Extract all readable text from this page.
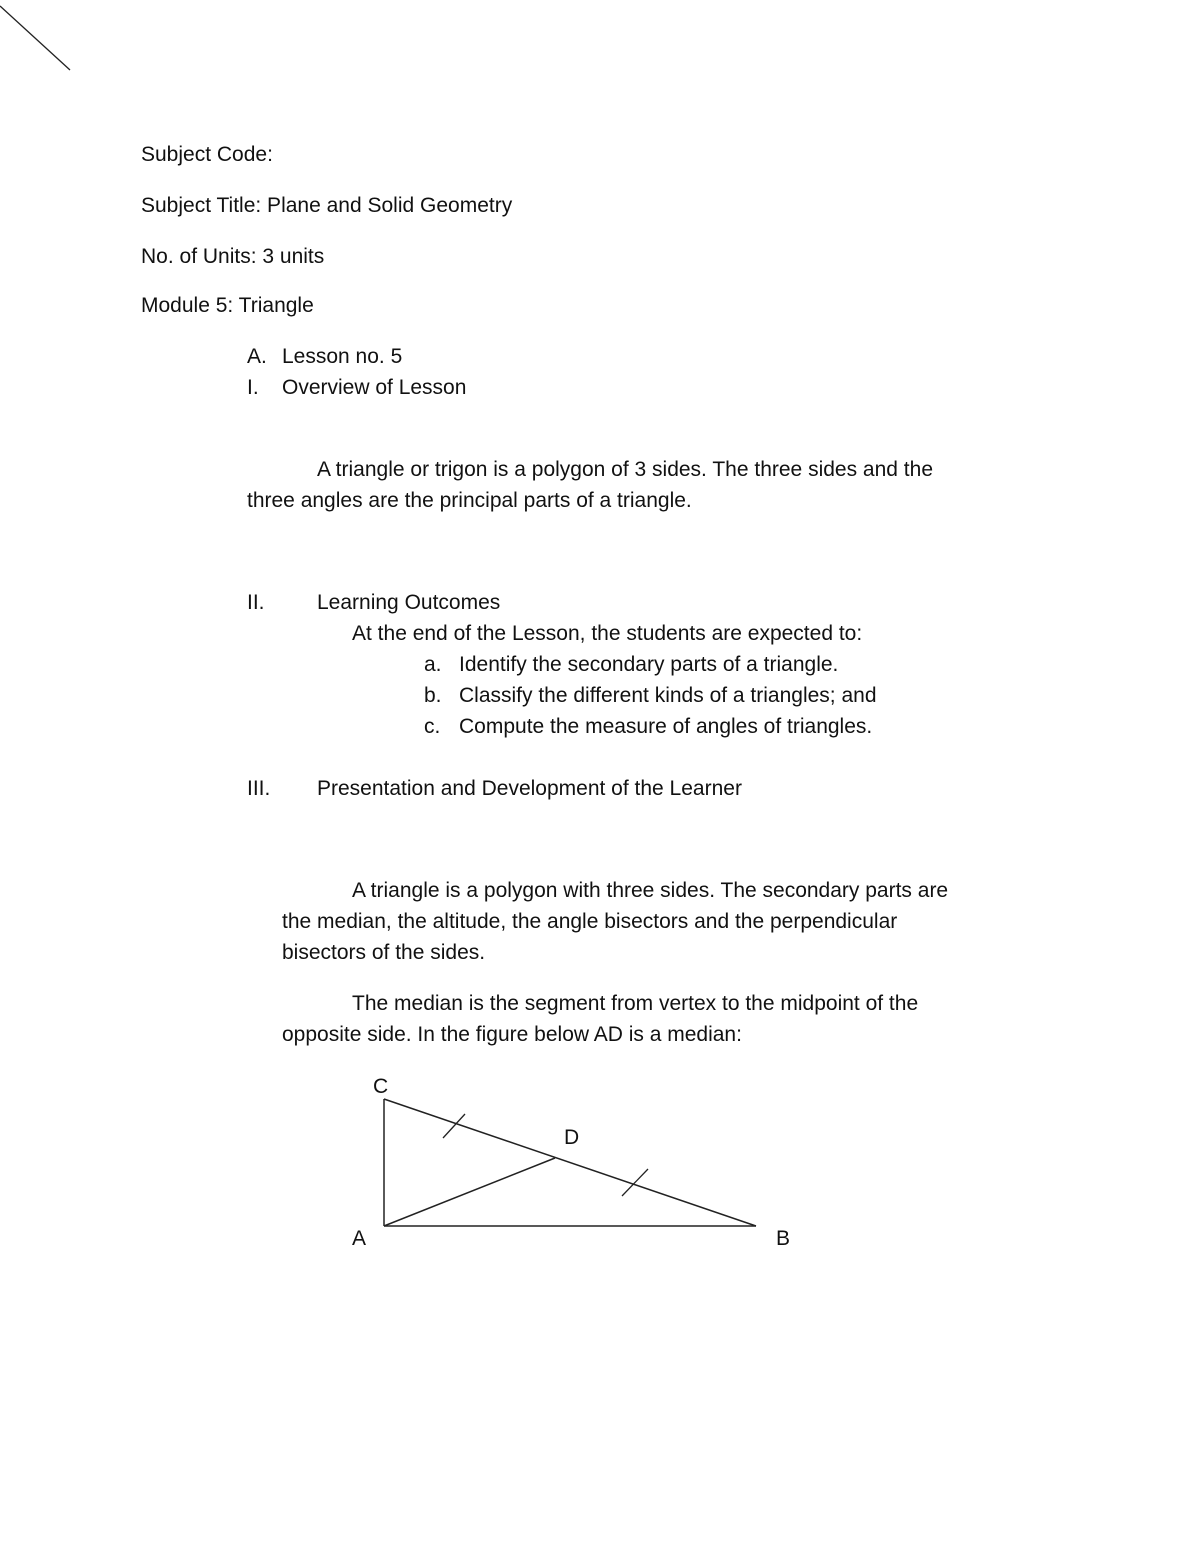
Subject Code:
Subject Title: Plane and Solid Geometry
No. of Units: 3 units
Module 5: Triangle
A. Lesson no. 5
I. Overview of Lesson
A triangle or trigon is a polygon of 3 sides. The three sides and the
three angles are the principal parts of a triangle.
II. Learning Outcomes
At the end of the Lesson, the students are expected to:
a. Identify the secondary parts of a triangle.
b. Classify the different kinds of a triangles; and
c. Compute the measure of angles of triangles.
III. Presentation and Development of the Learner
A triangle is a polygon with three sides. The secondary parts are
the median, the altitude, the angle bisectors and the perpendicular
bisectors of the sides.
The median is the segment from vertex to the midpoint of the
opposite side. In the figure below AD is a median:
C
D
A	B
